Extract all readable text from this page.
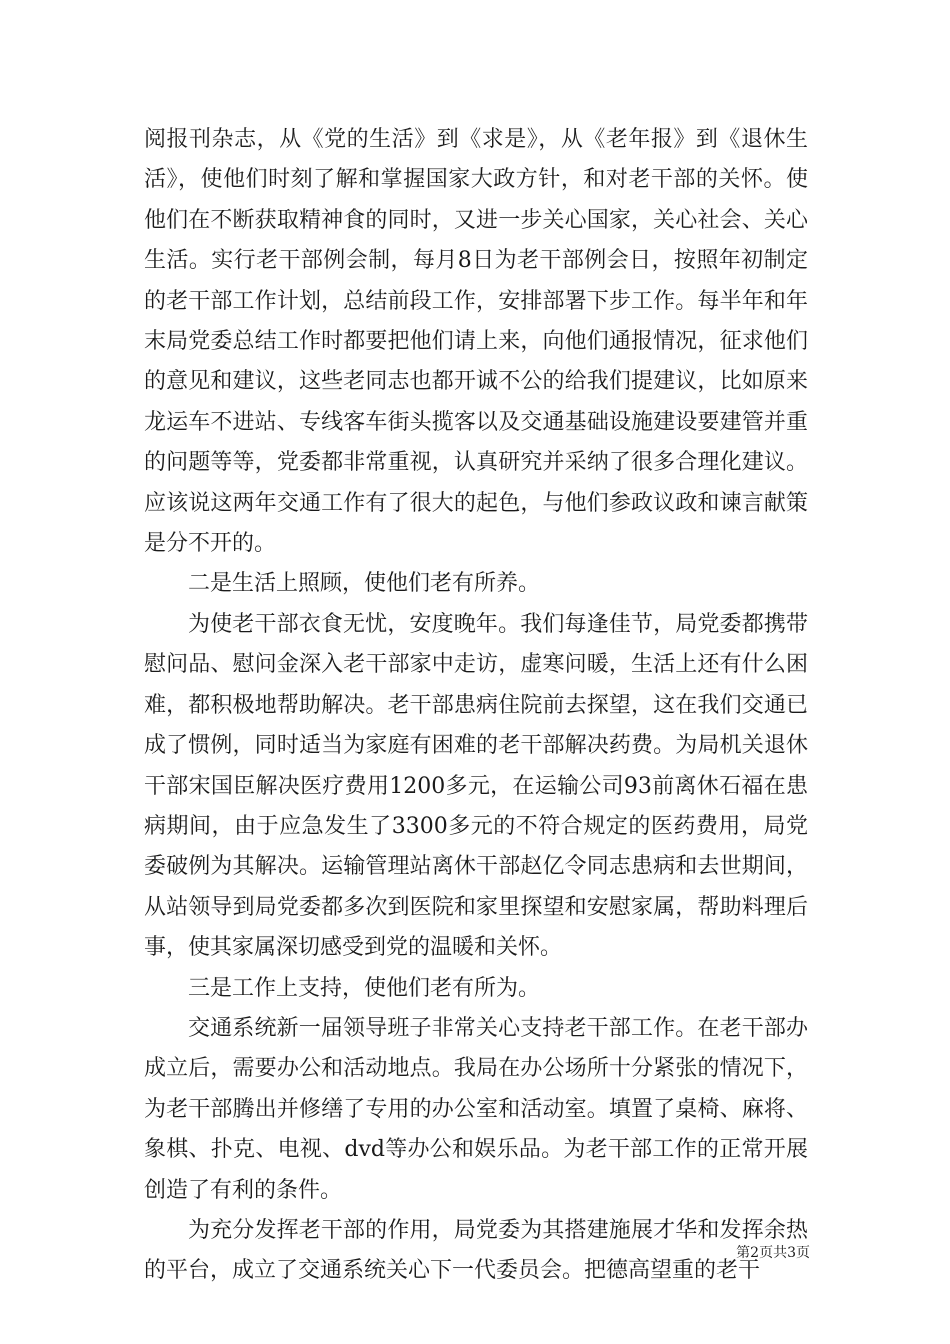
阅报刊杂志，从《党的生活》到《求是》，从《老年报》到《退休生活》，使他们时刻了解和掌握国家大政方针，和对老干部的关怀。使他们在不断获取精神食的同时，又进一步关心国家，关心社会、关心生活。实行老干部例会制，每月8日为老干部例会日，按照年初制定的老干部工作计划，总结前段工作，安排部署下步工作。每半年和年末局党委总结工作时都要把他们请上来，向他们通报情况，征求他们的意见和建议，这些老同志也都开诚不公的给我们提建议，比如原来龙运车不进站、专线客车街头揽客以及交通基础设施建设要建管并重的问题等等，党委都非常重视，认真研究并采纳了很多合理化建议。应该说这两年交通工作有了很大的起色，与他们参政议政和谏言献策是分不开的。

二是生活上照顾，使他们老有所养。

为使老干部衣食无忧，安度晚年。我们每逢佳节，局党委都携带慰问品、慰问金深入老干部家中走访，虚寒问暖，生活上还有什么困难，都积极地帮助解决。老干部患病住院前去探望，这在我们交通已成了惯例，同时适当为家庭有困难的老干部解决药费。为局机关退休干部宋国臣解决医疗费用1200多元，在运输公司93前离休石福在患病期间，由于应急发生了3300多元的不符合规定的医药费用，局党委破例为其解决。运输管理站离休干部赵亿令同志患病和去世期间，从站领导到局党委都多次到医院和家里探望和安慰家属，帮助料理后事，使其家属深切感受到党的温暖和关怀。

三是工作上支持，使他们老有所为。

交通系统新一届领导班子非常关心支持老干部工作。在老干部办成立后，需要办公和活动地点。我局在办公场所十分紧张的情况下，为老干部腾出并修缮了专用的办公室和活动室。填置了桌椅、麻将、象棋、扑克、电视、dvd等办公和娱乐品。为老干部工作的正常开展创造了有利的条件。

为充分发挥老干部的作用，局党委为其搭建施展才华和发挥余热的平台，成立了交通系统关心下一代委员会。把德高望重的老干

第2页共3页
